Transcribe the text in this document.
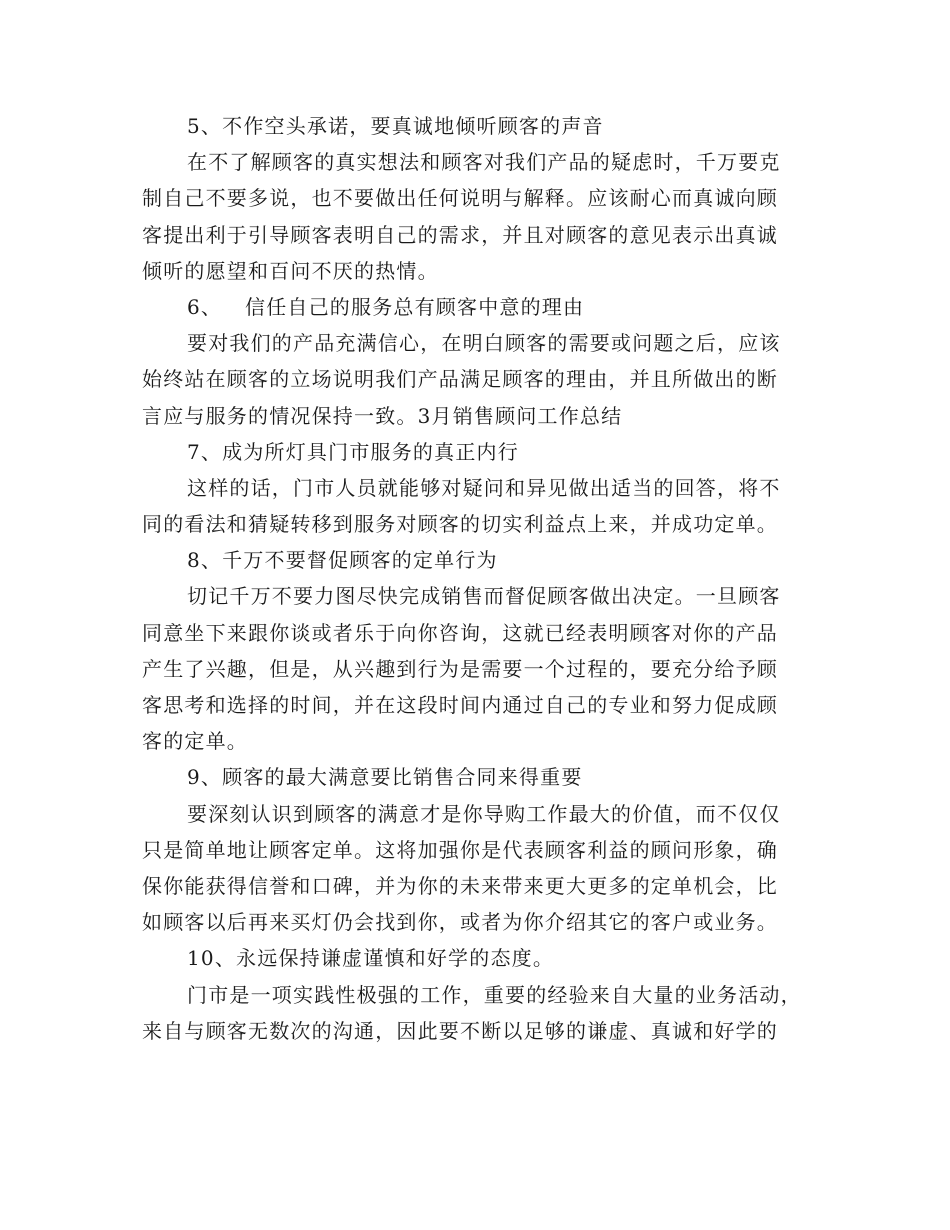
5、不作空头承诺，要真诚地倾听顾客的声音
在不了解顾客的真实想法和顾客对我们产品的疑虑时，千万要克
制自己不要多说，也不要做出任何说明与解释。应该耐心而真诚向顾
客提出利于引导顾客表明自己的需求，并且对顾客的意见表示出真诚
倾听的愿望和百问不厌的热情。
6、 信任自己的服务总有顾客中意的理由
要对我们的产品充满信心，在明白顾客的需要或问题之后，应该
始终站在顾客的立场说明我们产品满足顾客的理由，并且所做出的断
言应与服务的情况保持一致。3月销售顾问工作总结
7、成为所灯具门市服务的真正内行
这样的话，门市人员就能够对疑问和异见做出适当的回答，将不
同的看法和猜疑转移到服务对顾客的切实利益点上来，并成功定单。
8、千万不要督促顾客的定单行为
切记千万不要力图尽快完成销售而督促顾客做出决定。一旦顾客
同意坐下来跟你谈或者乐于向你咨询，这就已经表明顾客对你的产品
产生了兴趣，但是，从兴趣到行为是需要一个过程的，要充分给予顾
客思考和选择的时间，并在这段时间内通过自己的专业和努力促成顾
客的定单。
9、顾客的最大满意要比销售合同来得重要
要深刻认识到顾客的满意才是你导购工作最大的价值，而不仅仅
只是简单地让顾客定单。这将加强你是代表顾客利益的顾问形象，确
保你能获得信誉和口碑，并为你的未来带来更大更多的定单机会，比
如顾客以后再来买灯仍会找到你，或者为你介绍其它的客户或业务。
10、永远保持谦虚谨慎和好学的态度。
门市是一项实践性极强的工作，重要的经验来自大量的业务活动，
来自与顾客无数次的沟通，因此要不断以足够的谦虚、真诚和好学的
